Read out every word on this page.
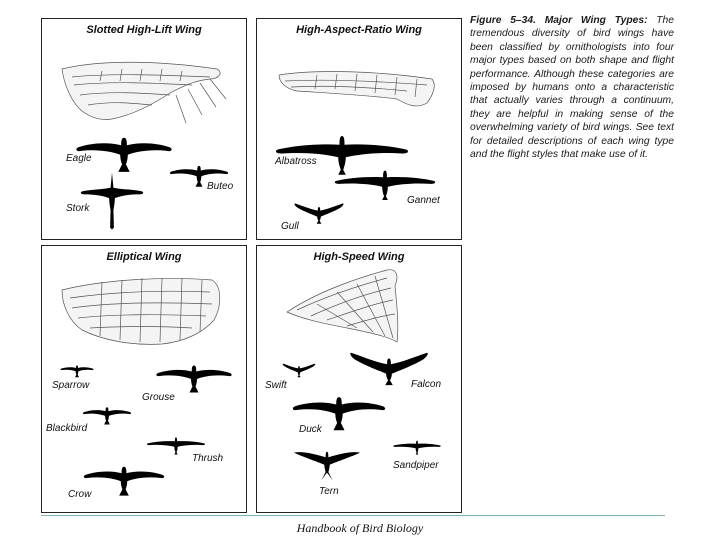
Slotted High-Lift Wing
Eagle
Buteo
Stork
High-Aspect-Ratio Wing
Albatross
Gannet
Gull
Elliptical Wing
Sparrow
Grouse
Blackbird
Thrush
Crow
High-Speed Wing
Swift	Falcon
Duck
Sandpiper
Tern
Figure 5–34. Major Wing Types: The tremendous diversity of bird wings have been classified by ornithologists into four major types based on both shape and flight performance. Although these categories are imposed by humans onto a characteristic that actually varies through a continuum, they are helpful in making sense of the overwhelming variety of bird wings. See text for detailed descriptions of each wing type and the flight styles that make use of it.
Handbook of Bird Biology
